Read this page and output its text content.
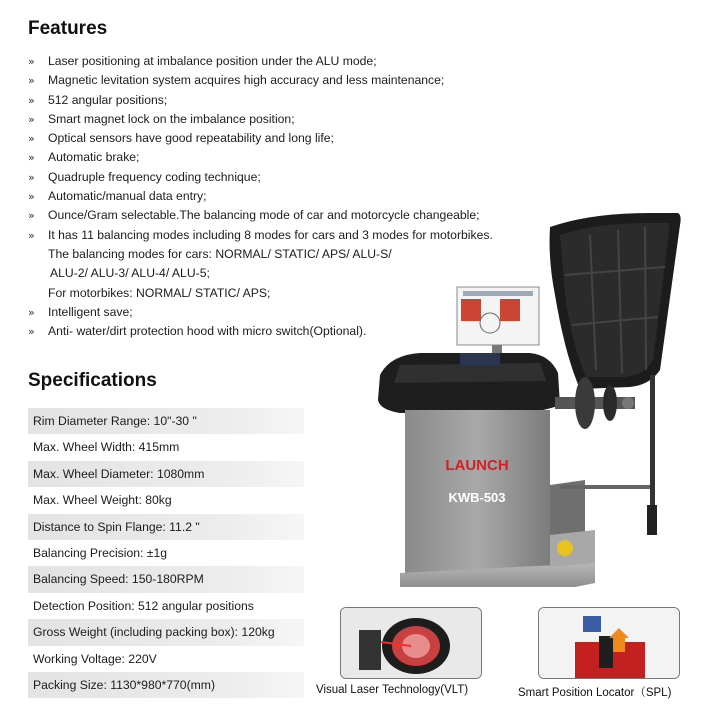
Features
» Laser positioning at imbalance position under the ALU mode;
» Magnetic levitation system acquires high accuracy and less maintenance;
» 512 angular positions;
» Smart magnet lock on the imbalance position;
» Optical sensors have good repeatability and long life;
» Automatic brake;
» Quadruple frequency coding technique;
» Automatic/manual data entry;
» Ounce/Gram selectable.The balancing mode of car and motorcycle changeable;
» It has 11 balancing modes including 8 modes for cars and 3 modes for motorbikes.
The balancing modes for cars: NORMAL/ STATIC/ APS/ ALU-S/
ALU-2/ ALU-3/ ALU-4/ ALU-5;
For motorbikes: NORMAL/ STATIC/ APS;
» Intelligent save;
» Anti- water/dirt protection hood with micro switch(Optional).
Specifications
Rim Diameter Range: 10"-30 "
Max. Wheel Width: 415mm
Max. Wheel Diameter: 1080mm
Max. Wheel Weight: 80kg
Distance to Spin Flange: 11.2 "
Balancing Precision: ±1g
Balancing Speed: 150-180RPM
Detection Position: 512 angular positions
Gross Weight (including packing box): 120kg
Working Voltage: 220V
Packing Size: 1130*980*770(mm)
LAUNCH
KWB-503
Visual Laser Technology(VLT)	Smart Position Locator（SPL)
